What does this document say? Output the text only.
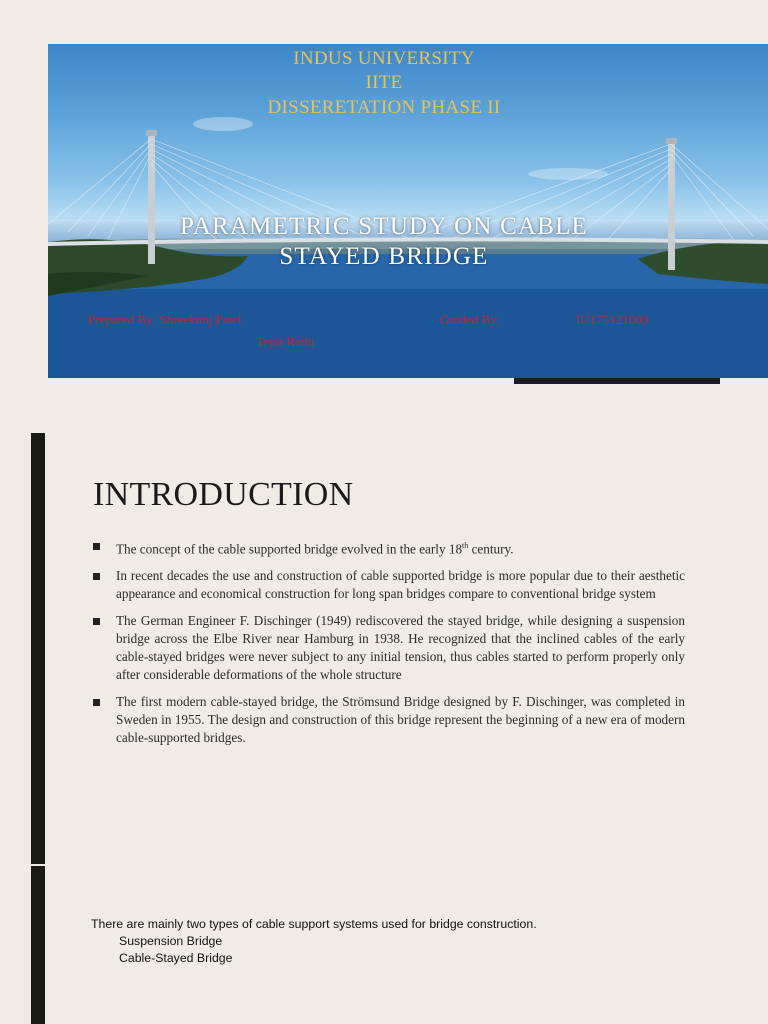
INDUS UNIVERSITY
IITE
DISSERETATION PHASE II
PARAMETRIC STUDY ON CABLE
STAYED BRIDGE
Prepared By: Shreekunj Patel	Guided By:	IU175121009
Tejas Rathi
INTRODUCTION
The concept of the cable supported bridge evolved in the early 18th century.
In recent decades the use and construction of cable supported bridge is more popular due to their aesthetic appearance and economical construction for long span bridges compare to conventional bridge system
The German Engineer F. Dischinger (1949) rediscovered the stayed bridge, while designing a suspension bridge across the Elbe River near Hamburg in 1938. He recognized that the inclined cables of the early cable-stayed bridges were never subject to any initial tension, thus cables started to perform properly only after considerable deformations of the whole structure
The first modern cable-stayed bridge, the Strömsund Bridge designed by F. Dischinger, was completed in Sweden in 1955. The design and construction of this bridge represent the beginning of a new era of modern cable-supported bridges.
There are mainly two types of cable support systems used for bridge construction.
Suspension Bridge
Cable-Stayed Bridge
